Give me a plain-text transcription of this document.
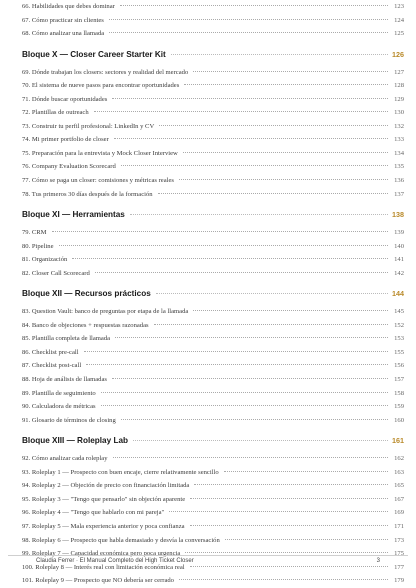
66. Habilidades que debes dominar	123
67. Cómo practicar sin clientes	124
68. Cómo analizar una llamada	125
Bloque X — Closer Career Starter Kit	126
69. Dónde trabajan los closers: sectores y realidad del mercado	127
70. El sistema de nueve pasos para encontrar oportunidades	128
71. Dónde buscar oportunidades	129
72. Plantillas de outreach	130
73. Construir tu perfil profesional: LinkedIn y CV	132
74. Mi primer portfolio de closer	133
75. Preparación para la entrevista y Mock Closer Interview	134
76. Company Evaluation Scorecard	135
77. Cómo se paga un closer: comisiones y métricas reales	136
78. Tus primeros 30 días después de la formación	137
Bloque XI — Herramientas	138
79. CRM	139
80. Pipeline	140
81. Organización	141
82. Closer Call Scorecard	142
Bloque XII — Recursos prácticos	144
83. Question Vault: banco de preguntas por etapa de la llamada	145
84. Banco de objeciones + respuestas razonadas	152
85. Plantilla completa de llamada	153
86. Checklist pre-call	155
87. Checklist post-call	156
88. Hoja de análisis de llamadas	157
89. Plantilla de seguimiento	158
90. Calculadora de métricas	159
91. Glosario de términos de closing	160
Bloque XIII — Roleplay Lab	161
92. Cómo analizar cada roleplay	162
93. Roleplay 1 — Prospecto con buen encaje, cierre relativamente sencillo	163
94. Roleplay 2 — Objeción de precio con financiación limitada	165
95. Roleplay 3 — "Tengo que pensarlo" sin objeción aparente	167
96. Roleplay 4 — "Tengo que hablarlo con mi pareja"	169
97. Roleplay 5 — Mala experiencia anterior y poca confianza	171
98. Roleplay 6 — Prospecto que habla demasiado y desvía la conversación	173
99. Roleplay 7 — Capacidad económica pero poca urgencia	175
100. Roleplay 8 — Interés real con limitación económica real	177
101. Roleplay 9 — Prospecto que NO debería ser cerrado	179
Claudia Ferrer · El Manual Completo del High Ticket Closer	3
